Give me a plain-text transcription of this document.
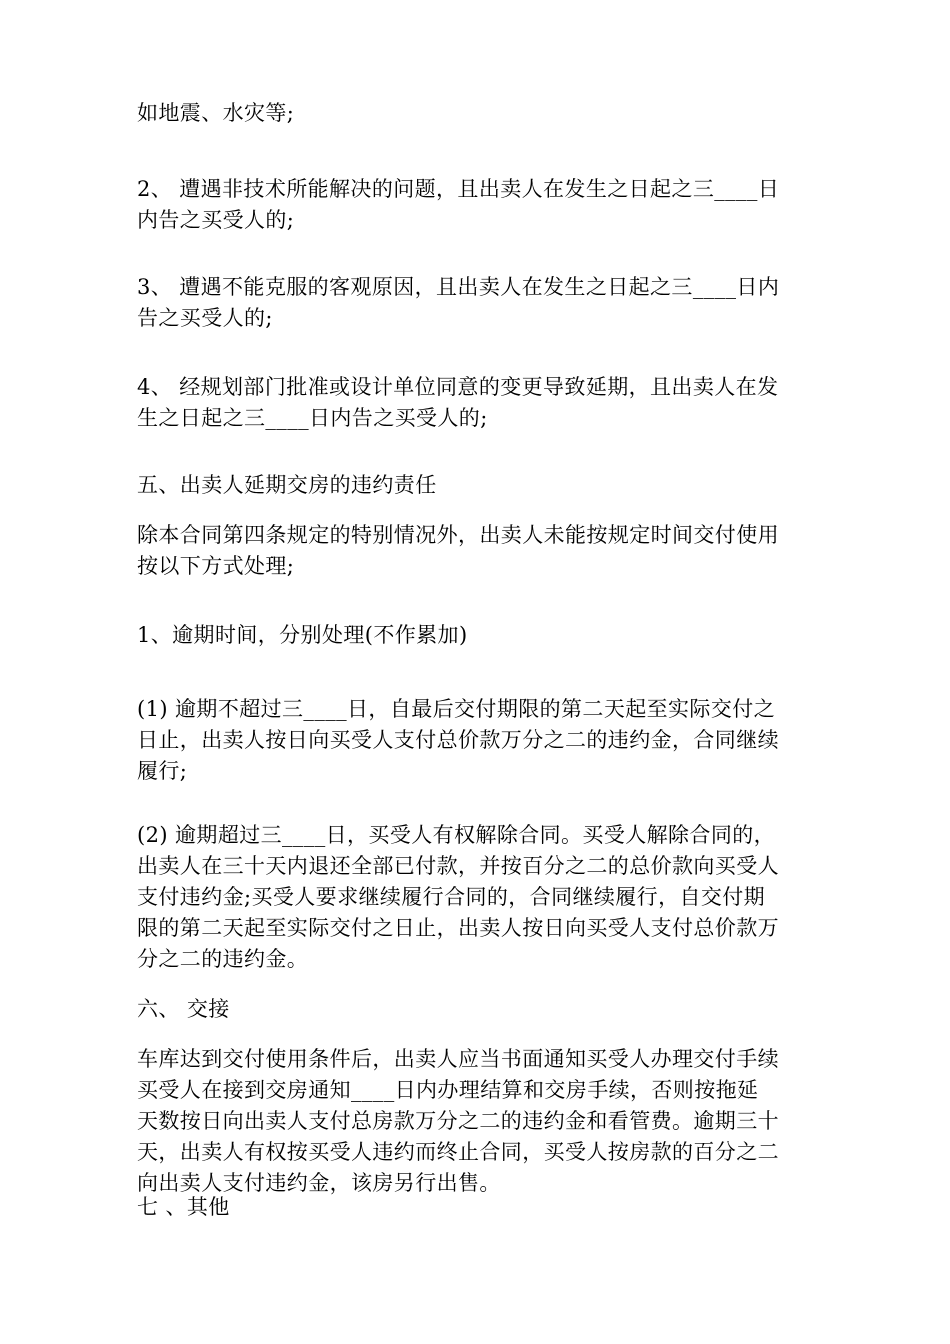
如地震、水灾等;
2、 遭遇非技术所能解决的问题，且出卖人在发生之日起之三____日
内告之买受人的;
3、 遭遇不能克服的客观原因，且出卖人在发生之日起之三____日内
告之买受人的;
4、 经规划部门批准或设计单位同意的变更导致延期，且出卖人在发
生之日起之三____日内告之买受人的;
五、出卖人延期交房的违约责任
除本合同第四条规定的特别情况外，出卖人未能按规定时间交付使用
按以下方式处理;
1、逾期时间，分别处理(不作累加)
(1) 逾期不超过三____日，自最后交付期限的第二天起至实际交付之
日止，出卖人按日向买受人支付总价款万分之二的违约金，合同继续
履行;
(2) 逾期超过三____日，买受人有权解除合同。买受人解除合同的，
出卖人在三十天内退还全部已付款，并按百分之二的总价款向买受人
支付违约金;买受人要求继续履行合同的，合同继续履行，自交付期
限的第二天起至实际交付之日止，出卖人按日向买受人支付总价款万
分之二的违约金。
六、 交接
车库达到交付使用条件后，出卖人应当书面通知买受人办理交付手续
买受人在接到交房通知____日内办理结算和交房手续，否则按拖延
天数按日向出卖人支付总房款万分之二的违约金和看管费。逾期三十
天，出卖人有权按买受人违约而终止合同，买受人按房款的百分之二
向出卖人支付违约金，该房另行出售。
七 、其他
